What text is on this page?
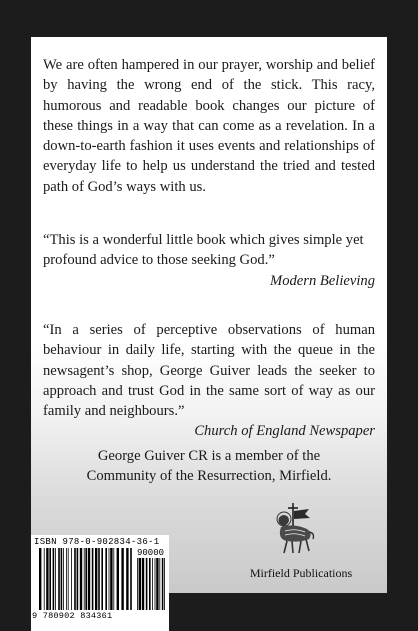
We are often hampered in our prayer, worship and belief by having the wrong end of the stick. This racy, humorous and readable book changes our picture of these things in a way that can come as a revelation. In a down-to-earth fashion it uses events and relationships of everyday life to help us understand the tried and tested path of God’s ways with us.

“This is a wonderful little book which gives simple yet profound advice to those seeking God.”
Modern Believing

“In a series of perceptive observations of human behaviour in daily life, starting with the queue in the newsagent’s shop, George Guiver leads the seeker to approach and trust God in the same sort of way as our family and neighbours.”
Church of England Newspaper

George Guiver CR is a member of the
Community of the Resurrection, Mirfield.

ISBN 978-0-902834-36-1
90000
9 780902 834361

Mirfield Publications
